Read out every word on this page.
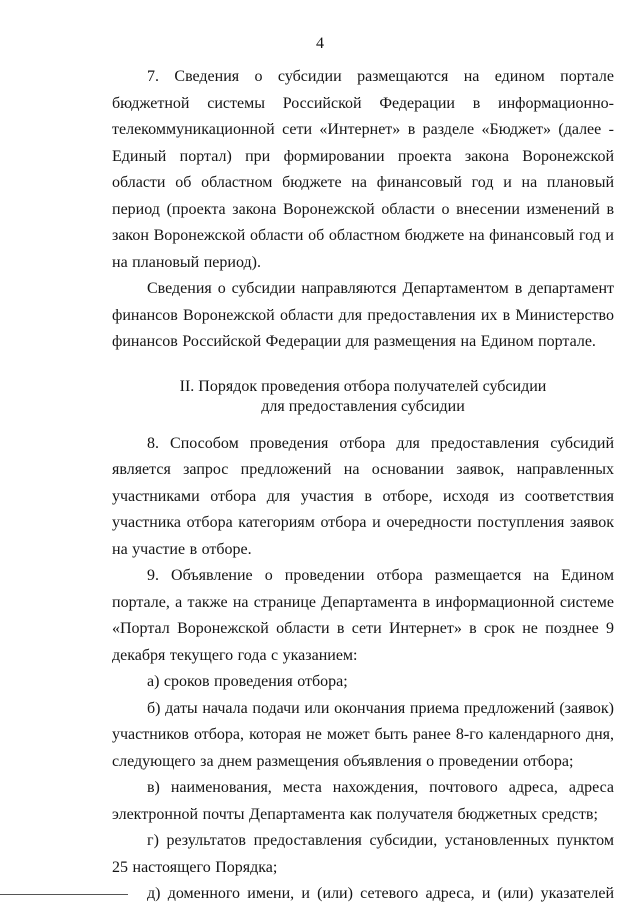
4

7. Сведения о субсидии размещаются на едином портале бюджетной системы Российской Федерации в информационно-телекоммуникационной сети «Интернет» в разделе «Бюджет» (далее - Единый портал) при формировании проекта закона Воронежской области об областном бюджете на финансовый год и на плановый период (проекта закона Воронежской области о внесении изменений в закон Воронежской области об областном бюджете на финансовый год и на плановый период).

Сведения о субсидии направляются Департаментом в департамент финансов Воронежской области для предоставления их в Министерство финансов Российской Федерации для размещения на Едином портале.

II. Порядок проведения отбора получателей субсидии
для предоставления субсидии

8. Способом проведения отбора для предоставления субсидий является запрос предложений на основании заявок, направленных участниками отбора для участия в отборе, исходя из соответствия участника отбора категориям отбора и очередности поступления заявок на участие в отборе.

9. Объявление о проведении отбора размещается на Едином портале, а также на странице Департамента в информационной системе «Портал Воронежской области в сети Интернет» в срок не позднее 9 декабря текущего года с указанием:

а) сроков проведения отбора;

б) даты начала подачи или окончания приема предложений (заявок) участников отбора, которая не может быть ранее 8-го календарного дня, следующего за днем размещения объявления о проведении отбора;

в) наименования, места нахождения, почтового адреса, адреса электронной почты Департамента как получателя бюджетных средств;

г) результатов предоставления субсидии, установленных пунктом 25 настоящего Порядка;

д) доменного имени, и (или) сетевого адреса, и (или) указателей
